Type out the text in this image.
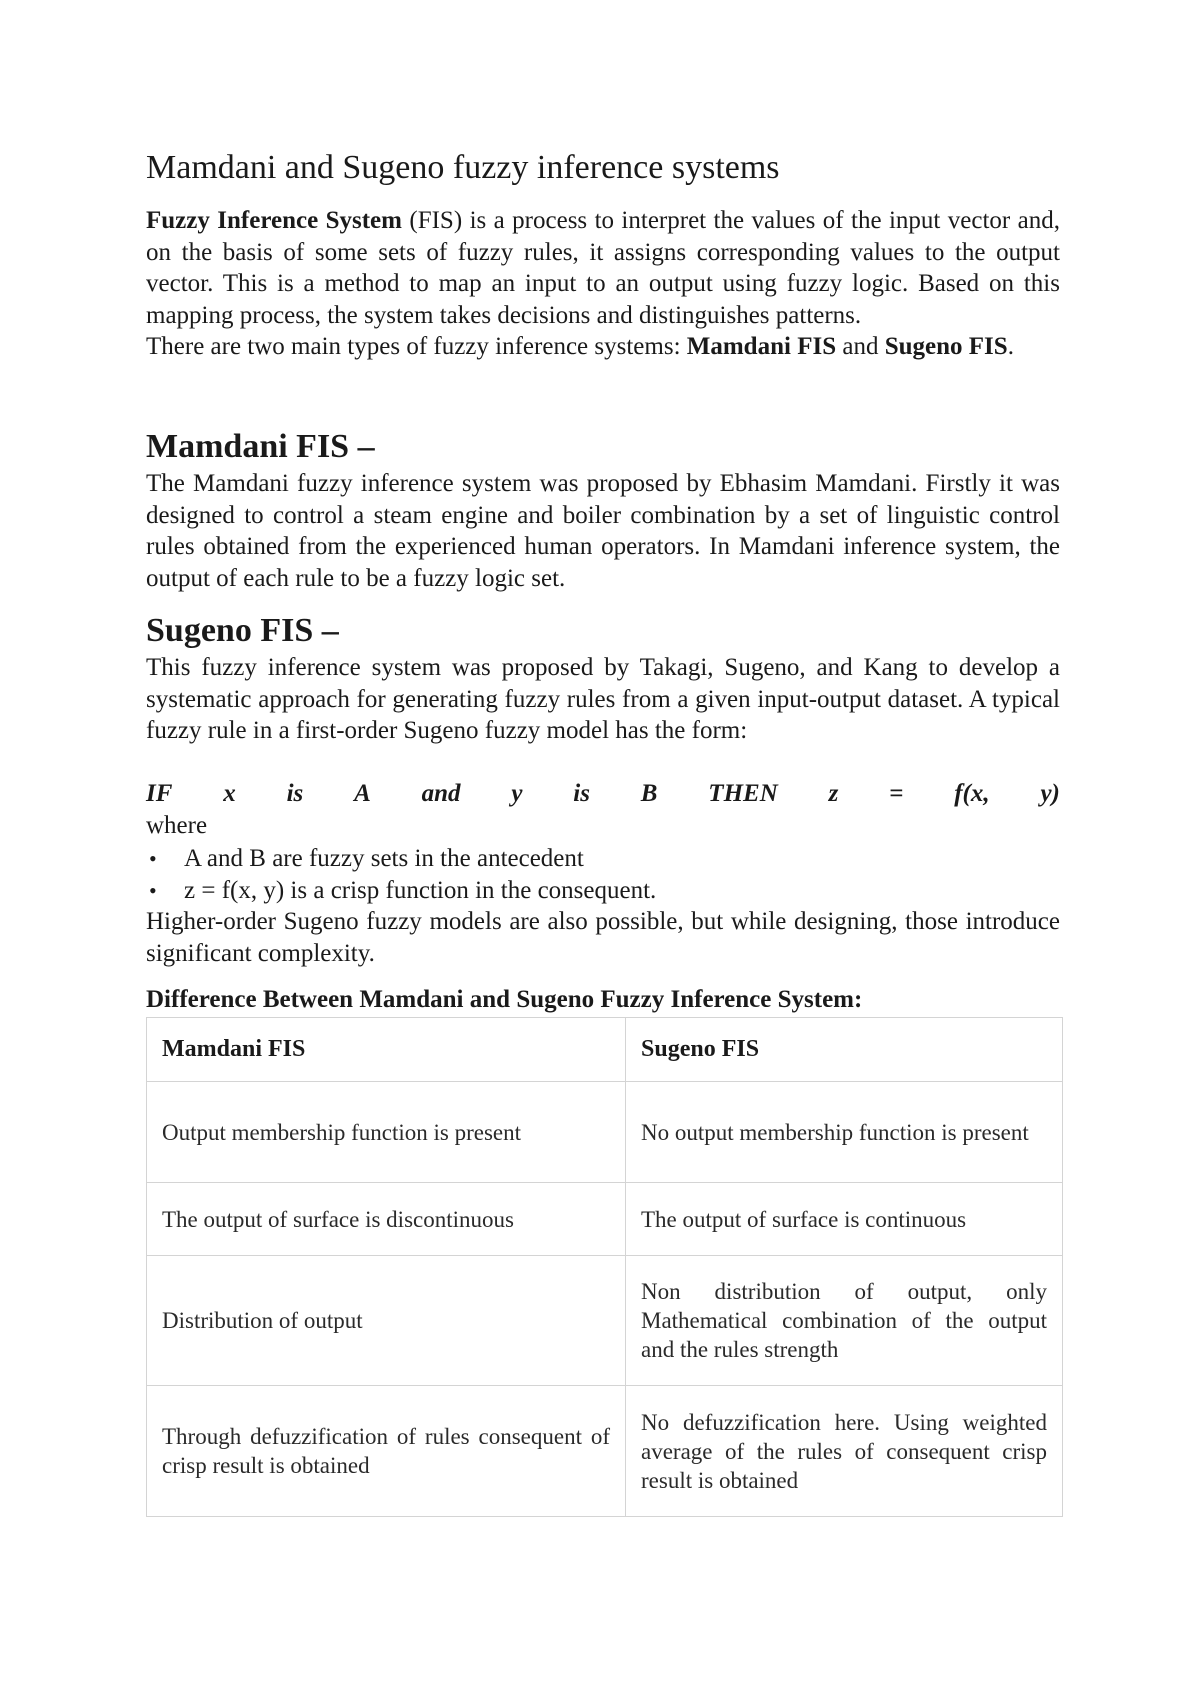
Mamdani and Sugeno fuzzy inference systems

Fuzzy Inference System (FIS) is a process to interpret the values of the input vector and, on the basis of some sets of fuzzy rules, it assigns corresponding values to the output vector. This is a method to map an input to an output using fuzzy logic. Based on this mapping process, the system takes decisions and distinguishes patterns.
There are two main types of fuzzy inference systems: Mamdani FIS and Sugeno FIS.

Mamdani FIS –

The Mamdani fuzzy inference system was proposed by Ebhasim Mamdani. Firstly it was designed to control a steam engine and boiler combination by a set of linguistic control rules obtained from the experienced human operators. In Mamdani inference system, the output of each rule to be a fuzzy logic set.

Sugeno FIS –

This fuzzy inference system was proposed by Takagi, Sugeno, and Kang to develop a systematic approach for generating fuzzy rules from a given input-output dataset. A typical fuzzy rule in a first-order Sugeno fuzzy model has the form:

IF x is A and y is B THEN z = f(x, y)

where

• A and B are fuzzy sets in the antecedent
• z = f(x, y) is a crisp function in the consequent.

Higher-order Sugeno fuzzy models are also possible, but while designing, those introduce significant complexity.

Difference Between Mamdani and Sugeno Fuzzy Inference System:

Mamdani FIS	Sugeno FIS
Output membership function is present	No output membership function is present
The output of surface is discontinuous	The output of surface is continuous
Distribution of output	Non distribution of output, only Mathematical combination of the output and the rules strength
Through defuzzification of rules consequent of crisp result is obtained	No defuzzification here. Using weighted average of the rules of consequent crisp result is obtained
